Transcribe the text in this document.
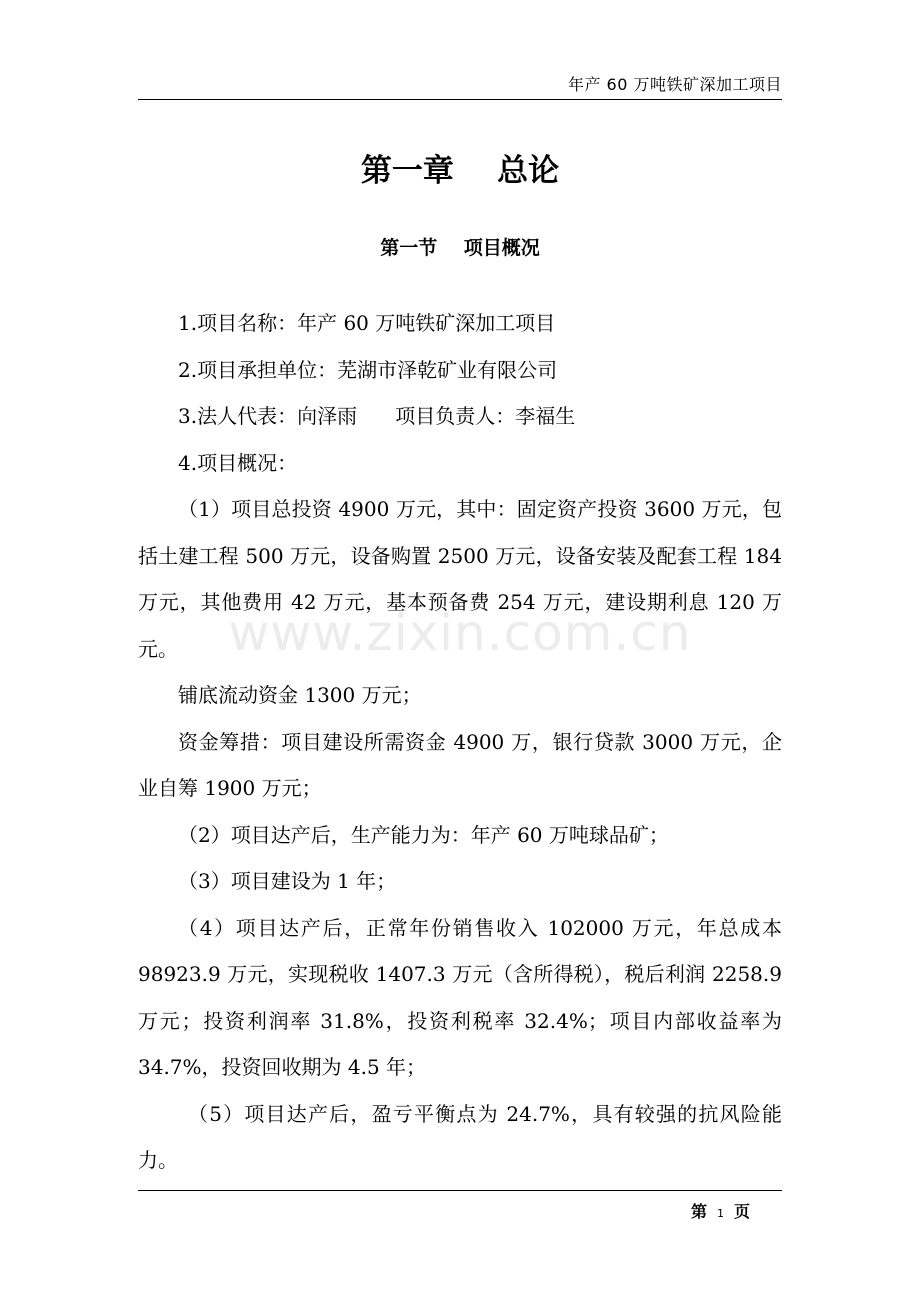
年产 60 万吨铁矿深加工项目
第一章    总论
第一节    项目概况

1.项目名称：年产 60 万吨铁矿深加工项目

2.项目承担单位：芜湖市泽乾矿业有限公司

3.法人代表：向泽雨      项目负责人：李福生

4.项目概况：

（1）项目总投资 4900 万元，其中：固定资产投资 3600 万元，包括土建工程 500 万元，设备购置 2500 万元，设备安装及配套工程 184 万元，其他费用 42 万元，基本预备费 254 万元，建设期利息 120 万元。

铺底流动资金 1300 万元；

资金筹措：项目建设所需资金 4900 万，银行贷款 3000 万元，企业自筹 1900 万元；

（2）项目达产后，生产能力为：年产 60 万吨球品矿；

（3）项目建设为 1 年；

（4）项目达产后，正常年份销售收入 102000 万元，年总成本 98923.9 万元，实现税收 1407.3 万元（含所得税），税后利润 2258.9 万元；投资利润率 31.8%，投资利税率 32.4%；项目内部收益率为 34.7%，投资回收期为 4.5 年；

（5）项目达产后，盈亏平衡点为 24.7%，具有较强的抗风险能力。

www.zixin.com.cn
第 1 页
